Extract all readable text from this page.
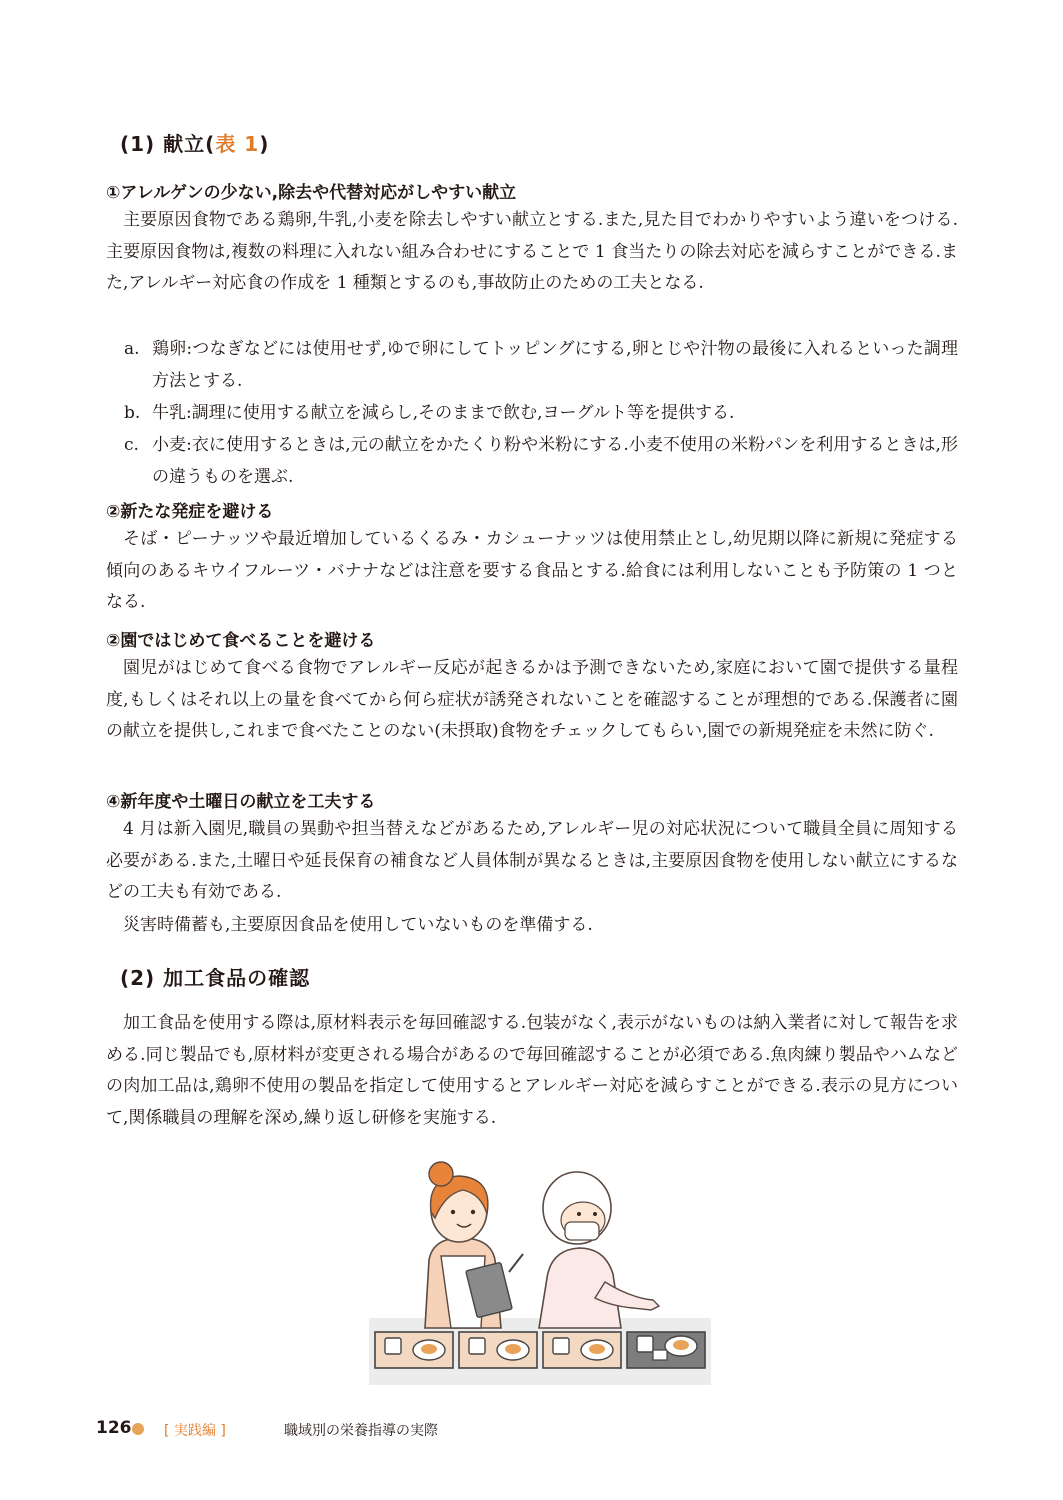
(1) 献立(表 1)
①アレルゲンの少ない,除去や代替対応がしやすい献立
主要原因食物である鶏卵,牛乳,小麦を除去しやすい献立とする.また,見た目でわかりやすいよう違いをつける.主要原因食物は,複数の料理に入れない組み合わせにすることで 1 食当たりの除去対応を減らすことができる.また,アレルギー対応食の作成を 1 種類とするのも,事故防止のための工夫となる.
a. 鶏卵:つなぎなどには使用せず,ゆで卵にしてトッピングにする,卵とじや汁物の最後に入れるといった調理方法とする.
b. 牛乳:調理に使用する献立を減らし,そのままで飲む,ヨーグルト等を提供する.
c. 小麦:衣に使用するときは,元の献立をかたくり粉や米粉にする.小麦不使用の米粉パンを利用するときは,形の違うものを選ぶ.
②新たな発症を避ける
そば・ピーナッツや最近増加しているくるみ・カシューナッツは使用禁止とし,幼児期以降に新規に発症する傾向のあるキウイフルーツ・バナナなどは注意を要する食品とする.給食には利用しないことも予防策の 1 つとなる.
②園ではじめて食べることを避ける
園児がはじめて食べる食物でアレルギー反応が起きるかは予測できないため,家庭において園で提供する量程度,もしくはそれ以上の量を食べてから何ら症状が誘発されないことを確認することが理想的である.保護者に園の献立を提供し,これまで食べたことのない(未摂取)食物をチェックしてもらい,園での新規発症を未然に防ぐ.
④新年度や土曜日の献立を工夫する
4 月は新入園児,職員の異動や担当替えなどがあるため,アレルギー児の対応状況について職員全員に周知する必要がある.また,土曜日や延長保育の補食など人員体制が異なるときは,主要原因食物を使用しない献立にするなどの工夫も有効である.
災害時備蓄も,主要原因食品を使用していないものを準備する.
(2) 加工食品の確認
加工食品を使用する際は,原材料表示を毎回確認する.包装がなく,表示がないものは納入業者に対して報告を求める.同じ製品でも,原材料が変更される場合があるので毎回確認することが必須である.魚肉練り製品やハムなどの肉加工品は,鶏卵不使用の製品を指定して使用するとアレルギー対応を減らすことができる.表示の見方について,関係職員の理解を深め,繰り返し研修を実施する.
126 [ 実践編 ]	職域別の栄養指導の実際
